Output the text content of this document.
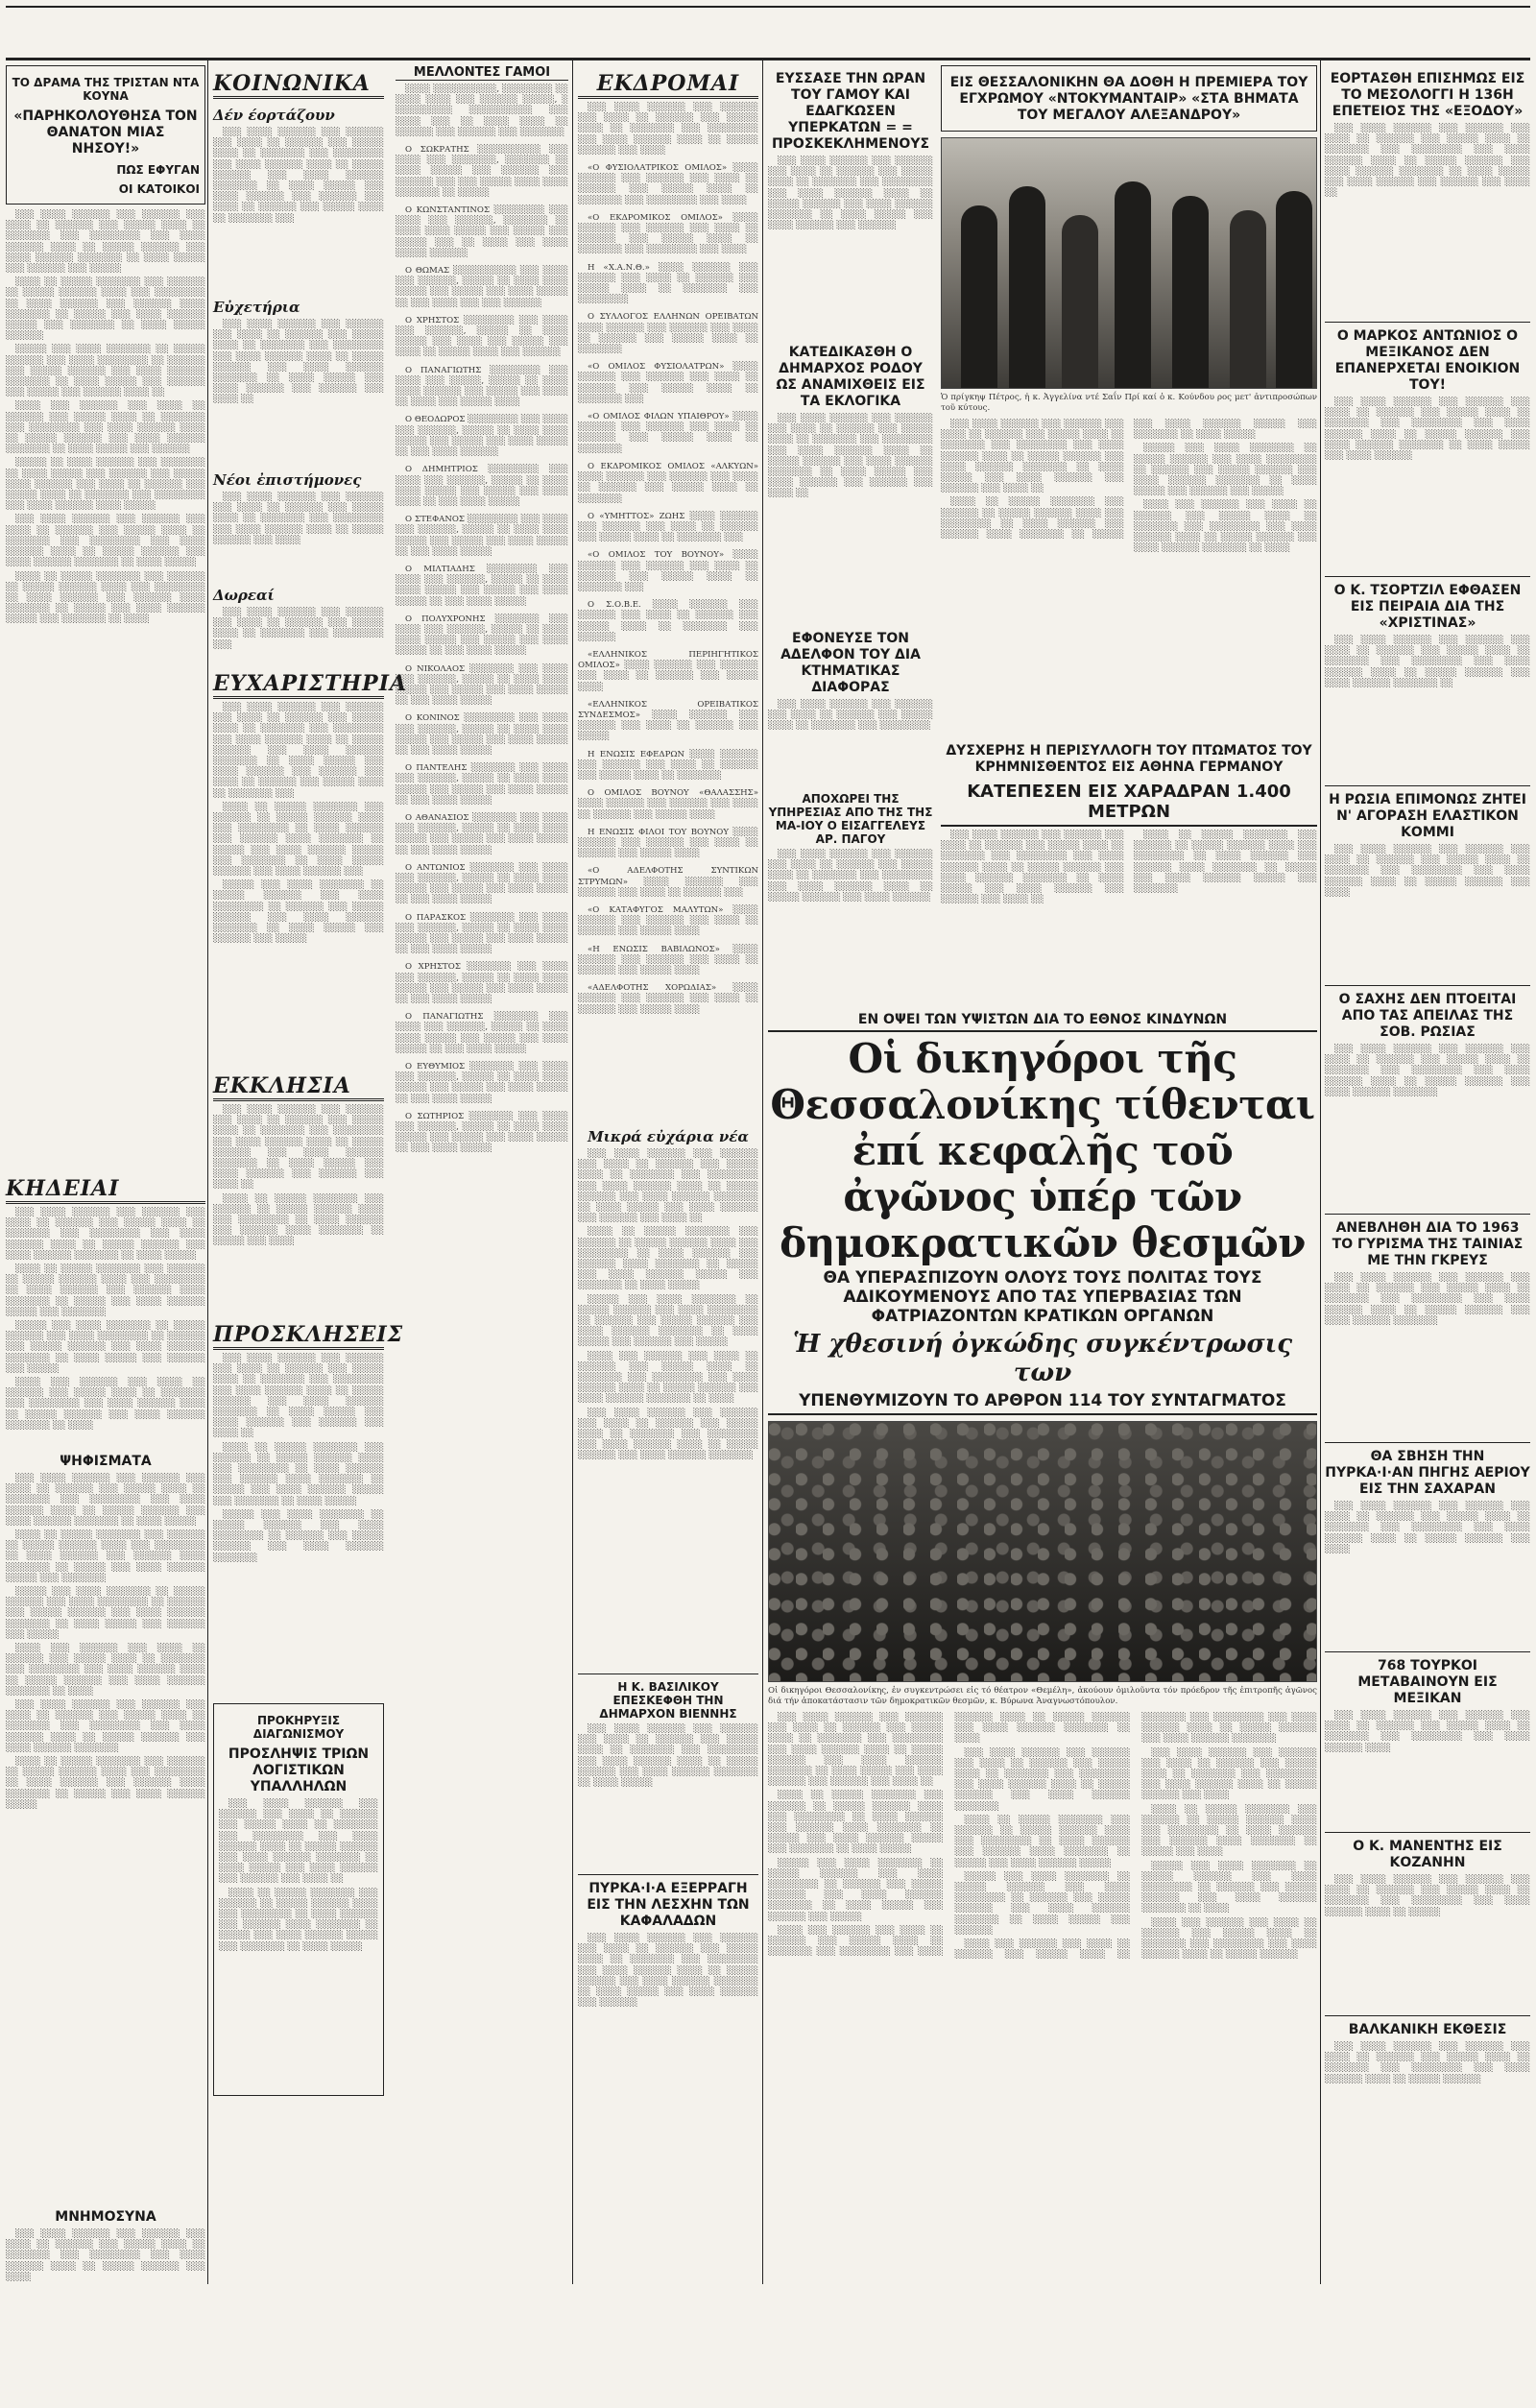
ΤΟ ΔΡΑΜΑ ΤΗΣ ΤΡΙΣΤΑΝ ΝΤΑ ΚΟΥΝΑ
«ΠΑΡΗΚΟΛΟΥΘΗΣΑ ΤΟΝ ΘΑΝΑΤΟΝ ΜΙΑΣ ΝΗΣΟΥ!»
ΠΩΣ ΕΦΥΓΑΝ
ΟΙ ΚΑΤΟΙΚΟΙ

░░░ ░░░░ ░░░░░░ ░░░ ░░░░░░ ░░░ ░░░░ ░░ ░░░░░░ ░░░ ░░░░░ ░░░░ ░░ ░░░░░░░ ░░░ ░░░░░░░░ ░░░ ░░░░ ░░░░░░ ░░░░ ░░ ░░░░░ ░░░░░░ ░░░ ░░░░ ░░░░░░ ░░░░░░░ ░░ ░░░░ ░░░░░ ░░░ ░░░░░░ ░░░ ░░░░░

░░░░ ░░ ░░░░░ ░░░░░░░ ░░░ ░░░░░░ ░░ ░░░░░ ░░░░░░ ░░░░ ░░░ ░░░░░░░░ ░░ ░░░░ ░░░░░░ ░░░ ░░░░░░ ░░░░ ░░░░░░░ ░░ ░░░░░ ░░░ ░░░░ ░░░░░░ ░░░░░ ░░░ ░░░░░░░ ░░ ░░░░ ░░░░░ ░░░░░░

░░░░░ ░░░ ░░░░ ░░░░░░░ ░░ ░░░░░ ░░░░░░ ░░░ ░░░░ ░░░░░░░░ ░░ ░░░░░░ ░░░ ░░░░░ ░░░░░░ ░░░ ░░░░ ░░░░░░ ░░░░░░░ ░░ ░░░░ ░░░░░ ░░░ ░░░░░░ ░░░ ░░░░░ ░░░ ░░░░░░ ░░░░ ░░

░░░░ ░░░ ░░░░░░ ░░░ ░░░░ ░░ ░░░░░░ ░░░ ░░░░░ ░░░░ ░░ ░░░░░░░ ░░░ ░░░░░░░░ ░░░ ░░░░ ░░░░░░ ░░░░ ░░ ░░░░░ ░░░░░░ ░░░ ░░░░ ░░░░░░ ░░░░░░░ ░░ ░░░░ ░░░░░ ░░░ ░░░░░░

░░░░░ ░░ ░░░░ ░░░░░░ ░░░ ░░░░░░░ ░░ ░░░░ ░░░░░ ░░░ ░░░░░░ ░░░ ░░░░░ ░░░░ ░░░░░░ ░░░ ░░░░ ░░ ░░░░░░ ░░░ ░░░░░ ░░░░ ░░ ░░░░░░░ ░░░ ░░░░░░░░ ░░░ ░░░░ ░░░░░░ ░░░░ ░░░░░

░░░ ░░░░ ░░░░░░ ░░░ ░░░░░░ ░░░ ░░░░ ░░ ░░░░░░ ░░░ ░░░░░ ░░░░ ░░ ░░░░░░░ ░░░ ░░░░░░░░ ░░░ ░░░░ ░░░░░░ ░░░░ ░░ ░░░░░ ░░░░░░ ░░░ ░░░░ ░░░░░░ ░░░░░░░ ░░ ░░░░ ░░░░░

░░░░ ░░ ░░░░░ ░░░░░░░ ░░░ ░░░░░░ ░░ ░░░░░ ░░░░░░ ░░░░ ░░░ ░░░░░░░░ ░░ ░░░░ ░░░░░░ ░░░ ░░░░░░ ░░░░ ░░░░░░░ ░░ ░░░░░ ░░░ ░░░░ ░░░░░░ ░░░░░ ░░░ ░░░░░░░ ░░ ░░░░

ΚΗΔΕΙΑΙ

░░░ ░░░░ ░░░░░░ ░░░ ░░░░░░ ░░░ ░░░░ ░░ ░░░░░░ ░░░ ░░░░░ ░░░░ ░░ ░░░░░░░ ░░░ ░░░░░░░░ ░░░ ░░░░ ░░░░░░ ░░░░ ░░ ░░░░░ ░░░░░░ ░░░ ░░░░ ░░░░░░ ░░░░░░░ ░░ ░░░░ ░░░░░

░░░░ ░░ ░░░░░ ░░░░░░░ ░░░ ░░░░░░ ░░ ░░░░░ ░░░░░░ ░░░░ ░░░ ░░░░░░░░ ░░ ░░░░ ░░░░░░ ░░░ ░░░░░░ ░░░░ ░░░░░░░ ░░ ░░░░░ ░░░ ░░░░ ░░░░░░ ░░░░░ ░░░ ░░░░░░░

░░░░░ ░░░ ░░░░ ░░░░░░░ ░░ ░░░░░ ░░░░░░ ░░░ ░░░░ ░░░░░░░░ ░░ ░░░░░░ ░░░ ░░░░░ ░░░░░░ ░░░ ░░░░ ░░░░░░ ░░░░░░░ ░░ ░░░░ ░░░░░ ░░░ ░░░░░░ ░░░ ░░░░░

░░░░ ░░░ ░░░░░░ ░░░ ░░░░ ░░ ░░░░░░ ░░░ ░░░░░ ░░░░ ░░ ░░░░░░░ ░░░ ░░░░░░░░ ░░░ ░░░░ ░░░░░░ ░░░░ ░░ ░░░░░ ░░░░░░ ░░░ ░░░░ ░░░░░░ ░░░░░░░ ░░ ░░░░

ΨΗΦΙΣΜΑΤΑ

░░░ ░░░░ ░░░░░░ ░░░ ░░░░░░ ░░░ ░░░░ ░░ ░░░░░░ ░░░ ░░░░░ ░░░░ ░░ ░░░░░░░ ░░░ ░░░░░░░░ ░░░ ░░░░ ░░░░░░ ░░░░ ░░ ░░░░░ ░░░░░░ ░░░ ░░░░ ░░░░░░ ░░░░░░░ ░░ ░░░░ ░░░░░

░░░░ ░░ ░░░░░ ░░░░░░░ ░░░ ░░░░░░ ░░ ░░░░░ ░░░░░░ ░░░░ ░░░ ░░░░░░░░ ░░ ░░░░ ░░░░░░ ░░░ ░░░░░░ ░░░░ ░░░░░░░ ░░ ░░░░░ ░░░ ░░░░ ░░░░░░ ░░░░░ ░░░ ░░░░░░░

░░░░░ ░░░ ░░░░ ░░░░░░░ ░░ ░░░░░ ░░░░░░ ░░░ ░░░░ ░░░░░░░░ ░░ ░░░░░░ ░░░ ░░░░░ ░░░░░░ ░░░ ░░░░ ░░░░░░ ░░░░░░░ ░░ ░░░░ ░░░░░ ░░░ ░░░░░░ ░░░ ░░░░░

░░░░ ░░░ ░░░░░░ ░░░ ░░░░ ░░ ░░░░░░ ░░░ ░░░░░ ░░░░ ░░ ░░░░░░░ ░░░ ░░░░░░░░ ░░░ ░░░░ ░░░░░░ ░░░░ ░░ ░░░░░ ░░░░░░ ░░░ ░░░░ ░░░░░░ ░░░░░░░ ░░ ░░░░

░░░ ░░░░ ░░░░░░ ░░░ ░░░░░░ ░░░ ░░░░ ░░ ░░░░░░ ░░░ ░░░░░ ░░░░ ░░ ░░░░░░░ ░░░ ░░░░░░░░ ░░░ ░░░░ ░░░░░░ ░░░░ ░░ ░░░░░ ░░░░░░ ░░░ ░░░░ ░░░░░░ ░░░░░░░

░░░░ ░░ ░░░░░ ░░░░░░░ ░░░ ░░░░░░ ░░ ░░░░░ ░░░░░░ ░░░░ ░░░ ░░░░░░░░ ░░ ░░░░ ░░░░░░ ░░░ ░░░░░░ ░░░░ ░░░░░░░ ░░ ░░░░░ ░░░ ░░░░ ░░░░░░ ░░░░░

ΜΝΗΜΟΣΥΝΑ

░░░ ░░░░ ░░░░░░ ░░░ ░░░░░░ ░░░ ░░░░ ░░ ░░░░░░ ░░░ ░░░░░ ░░░░ ░░ ░░░░░░░ ░░░ ░░░░░░░░ ░░░ ░░░░ ░░░░░░ ░░░░ ░░ ░░░░░ ░░░░░░ ░░░ ░░░░

ΚΟΙΝΩΝΙΚΑ
Δέν έορτάζουν

░░░ ░░░░ ░░░░░░ ░░░ ░░░░░░ ░░░ ░░░░ ░░ ░░░░░░ ░░░ ░░░░░ ░░░░ ░░ ░░░░░░░ ░░░ ░░░░░░░░ ░░░ ░░░░ ░░░░░░ ░░░░ ░░ ░░░░░ ░░░░░░ ░░░ ░░░░ ░░░░░░ ░░░░░░░ ░░ ░░░░ ░░░░░ ░░░ ░░░░ ░░░░░░ ░░░ ░░░░░░ ░░░ ░░░░ ░░ ░░░░░░ ░░░ ░░░░░ ░░░░ ░░ ░░░░░░░ ░░░

Εὐχετήρια

░░░ ░░░░ ░░░░░░ ░░░ ░░░░░░ ░░░ ░░░░ ░░ ░░░░░░ ░░░ ░░░░░ ░░░░ ░░ ░░░░░░░ ░░░ ░░░░░░░░ ░░░ ░░░░ ░░░░░░ ░░░░ ░░ ░░░░░ ░░░░░░ ░░░ ░░░░ ░░░░░░ ░░░░░░░ ░░ ░░░░ ░░░░░ ░░░ ░░░░ ░░░░░░ ░░░ ░░░░░░ ░░░ ░░░░ ░░

Νέοι ἐπιστήμονες

░░░ ░░░░ ░░░░░░ ░░░ ░░░░░░ ░░░ ░░░░ ░░ ░░░░░░ ░░░ ░░░░░ ░░░░ ░░ ░░░░░░░ ░░░ ░░░░░░░░ ░░░ ░░░░ ░░░░░░ ░░░░ ░░ ░░░░░ ░░░░░░ ░░░ ░░░░

Δωρεαί

░░░ ░░░░ ░░░░░░ ░░░ ░░░░░░ ░░░ ░░░░ ░░ ░░░░░░ ░░░ ░░░░░ ░░░░ ░░ ░░░░░░░ ░░░ ░░░░░░░░ ░░░

ΕΥΧΑΡΙΣΤΗΡΙΑ

░░░ ░░░░ ░░░░░░ ░░░ ░░░░░░ ░░░ ░░░░ ░░ ░░░░░░ ░░░ ░░░░░ ░░░░ ░░ ░░░░░░░ ░░░ ░░░░░░░░ ░░░ ░░░░ ░░░░░░ ░░░░ ░░ ░░░░░ ░░░░░░ ░░░ ░░░░ ░░░░░░ ░░░░░░░ ░░ ░░░░ ░░░░░ ░░░ ░░░░ ░░░░░░ ░░░ ░░░░░░ ░░░ ░░░░ ░░ ░░░░░░ ░░░ ░░░░░ ░░░░ ░░ ░░░░░░░ ░░░

░░░░ ░░ ░░░░░ ░░░░░░░ ░░░ ░░░░░░ ░░ ░░░░░ ░░░░░░ ░░░░ ░░░ ░░░░░░░░ ░░ ░░░░ ░░░░░░ ░░░ ░░░░░░ ░░░░ ░░░░░░░ ░░ ░░░░░ ░░░ ░░░░ ░░░░░░ ░░░░░ ░░░ ░░░░░░░ ░░ ░░░░ ░░░░░ ░░░░░░ ░░░ ░░░░ ░░░░░░ ░░░

░░░░░ ░░░ ░░░░ ░░░░░░░ ░░ ░░░░░ ░░░░░░ ░░░ ░░░░ ░░░░░░░░ ░░ ░░░░░░ ░░░ ░░░░░ ░░░░░░ ░░░ ░░░░ ░░░░░░ ░░░░░░░ ░░ ░░░░ ░░░░░ ░░░ ░░░░░░ ░░░ ░░░░░

ΕΚΚΛΗΣΙΑ

░░░ ░░░░ ░░░░░░ ░░░ ░░░░░░ ░░░ ░░░░ ░░ ░░░░░░ ░░░ ░░░░░ ░░░░ ░░ ░░░░░░░ ░░░ ░░░░░░░░ ░░░ ░░░░ ░░░░░░ ░░░░ ░░ ░░░░░ ░░░░░░ ░░░ ░░░░ ░░░░░░ ░░░░░░░ ░░ ░░░░ ░░░░░ ░░░ ░░░░ ░░░░░░ ░░░ ░░░░░░ ░░░ ░░░░ ░░

░░░░ ░░ ░░░░░ ░░░░░░░ ░░░ ░░░░░░ ░░ ░░░░░ ░░░░░░ ░░░░ ░░░ ░░░░░░░░ ░░ ░░░░ ░░░░░░ ░░░ ░░░░░░ ░░░░ ░░░░░░░ ░░ ░░░░░ ░░░ ░░░░

ΠΡΟΣΚΛΗΣΕΙΣ

░░░ ░░░░ ░░░░░░ ░░░ ░░░░░░ ░░░ ░░░░ ░░ ░░░░░░ ░░░ ░░░░░ ░░░░ ░░ ░░░░░░░ ░░░ ░░░░░░░░ ░░░ ░░░░ ░░░░░░ ░░░░ ░░ ░░░░░ ░░░░░░ ░░░ ░░░░ ░░░░░░ ░░░░░░░ ░░ ░░░░ ░░░░░ ░░░ ░░░░ ░░░░░░ ░░░ ░░░░░░ ░░░ ░░░░ ░░

░░░░ ░░ ░░░░░ ░░░░░░░ ░░░ ░░░░░░ ░░ ░░░░░ ░░░░░░ ░░░░ ░░░ ░░░░░░░░ ░░ ░░░░ ░░░░░░ ░░░ ░░░░░░ ░░░░ ░░░░░░░ ░░ ░░░░░ ░░░ ░░░░ ░░░░░░ ░░░░░ ░░░ ░░░░░░░ ░░ ░░░░ ░░░░░

░░░░░ ░░░ ░░░░ ░░░░░░░ ░░ ░░░░░ ░░░░░░ ░░░ ░░░░ ░░░░░░░░ ░░ ░░░░░░ ░░░ ░░░░░ ░░░░░░ ░░░ ░░░░ ░░░░░░ ░░░░░░░

ΠΡΟΚΗΡΥΞΙΣ ΔΙΑΓΩΝΙΣΜΟΥ
ΠΡΟΣΛΗΨΙΣ ΤΡΙΩΝ ΛΟΓΙΣΤΙΚΩΝ ΥΠΑΛΛΗΛΩΝ

░░░ ░░░░ ░░░░░░ ░░░ ░░░░░░ ░░░ ░░░░ ░░ ░░░░░░ ░░░ ░░░░░ ░░░░ ░░ ░░░░░░░ ░░░ ░░░░░░░░ ░░░ ░░░░ ░░░░░░ ░░░░ ░░ ░░░░░ ░░░░░░ ░░░ ░░░░ ░░░░░░ ░░░░░░░ ░░ ░░░░ ░░░░░ ░░░ ░░░░ ░░░░░░ ░░░ ░░░░░░ ░░░ ░░░░ ░░

░░░░ ░░ ░░░░░ ░░░░░░░ ░░░ ░░░░░░ ░░ ░░░░░ ░░░░░░ ░░░░ ░░░ ░░░░░░░░ ░░ ░░░░ ░░░░░░ ░░░ ░░░░░░ ░░░░ ░░░░░░░ ░░ ░░░░░ ░░░ ░░░░ ░░░░░░ ░░░░░ ░░░ ░░░░░░░ ░░ ░░░░ ░░░░░

ΜΕΛΛΟΝΤΕΣ ΓΑΜΟΙ
░░░░ ░░░░░░░░░░, ░░░░░░░░ ░░ ░░░░ ░░░░ ░░░ ░░░░░░ ░░░░░, ░ ░░░░░░░░░ ░░░░░░░░░░ ░░░ ░░░░ ░░░ ░░ ░░░░ ░░░░ ░░ ░░░░░░ ░░░ ░░░░░░ ░░░ ░░░░░░░
Ο ΣΩΚΡΑΤΗΣ ░░░░░░░░░░ ░░░ ░░░░ ░░░ ░░░░░░░, ░░░░░░░ ░░ ░░░░ ░░░░░ ░░░ ░░░░░░ ░░░ ░░░░░░ ░░░ ░░░ ░░░░░ ░░░░ ░░░░ ░░░░░░░ ░░ ░░░░░
Ο ΚΩΝΣΤΑΝΤΙΝΟΣ ░░░░░░░░ ░░░ ░░░░ ░░░ ░░░░░░, ░░░░░░░ ░░ ░░░░ ░░░░ ░░░░░ ░░░ ░░░░░ ░░░ ░░░░░ ░░░ ░░ ░░░░ ░░░ ░░░░ ░░░░░ ░░░░░░
Ο ΘΩΜΑΣ ░░░░░░░░░░ ░░░ ░░░░ ░░░ ░░░░░░, ░░░░░ ░░ ░░░░ ░░░░ ░░░░░ ░░░ ░░░░░ ░░░ ░░░░ ░░░░░ ░░ ░░░ ░░░░ ░░░ ░░░ ░░░░░░
Ο ΧΡΗΣΤΟΣ ░░░░░░░░ ░░░ ░░░░ ░░░ ░░░░░░, ░░░░░ ░░ ░░░░ ░░░░░ ░░░ ░░░░ ░░░ ░░░░░ ░░░ ░░░░ ░░ ░░░░░ ░░░░ ░░░ ░░░░░░
Ο ΠΑΝΑΓΙΩΤΗΣ ░░░░░░░░ ░░░ ░░░░ ░░░ ░░░░░, ░░░░░ ░░ ░░░░ ░░░░ ░░░░░░ ░░░ ░░░░░ ░░░ ░░░░ ░░ ░░░░ ░░░ ░░░░░ ░░░░
Ο ΘΕΟΔΩΡΟΣ ░░░░░░░░ ░░░ ░░░░ ░░░ ░░░░░░, ░░░░░ ░░ ░░░░ ░░░░ ░░░░░ ░░░ ░░░░░ ░░░ ░░░░ ░░░░░ ░░ ░░░ ░░░░ ░░░░░░
Ο ΔΗΜΗΤΡΙΟΣ ░░░░░░░░ ░░░ ░░░░ ░░░ ░░░░░░, ░░░░░ ░░ ░░░░ ░░░░ ░░░░░ ░░░ ░░░░░ ░░░ ░░░░ ░░░░ ░░ ░░░ ░░░░ ░░░░░
Ο ΣΤΕΦΑΝΟΣ ░░░░░░░░ ░░░ ░░░░ ░░░ ░░░░░░, ░░░░░ ░░ ░░░░ ░░░░ ░░░░░ ░░░ ░░░░░ ░░░ ░░░░ ░░░░░ ░░ ░░░ ░░░░ ░░░░░
Ο ΜΙΛΤΙΑΔΗΣ ░░░░░░░░ ░░░ ░░░░ ░░░ ░░░░░░, ░░░░░ ░░ ░░░░ ░░░░ ░░░░░ ░░░ ░░░░░ ░░░ ░░░░ ░░░░░ ░░ ░░░ ░░░░ ░░░░░
Ο ΠΟΛΥΧΡΟΝΗΣ ░░░░░░░ ░░░ ░░░░ ░░░ ░░░░░░, ░░░░░ ░░ ░░░░ ░░░░ ░░░░░ ░░░ ░░░░░ ░░░ ░░░░ ░░░░░ ░░ ░░░ ░░░░ ░░░░░
Ο ΝΙΚΟΛΑΟΣ ░░░░░░░ ░░░ ░░░░ ░░░ ░░░░░░, ░░░░░ ░░ ░░░░ ░░░░ ░░░░░ ░░░ ░░░░░ ░░░ ░░░░ ░░░░░ ░░ ░░░ ░░░░ ░░░░░
Ο ΚΟΝΙΝΟΣ ░░░░░░░░ ░░░ ░░░░ ░░░ ░░░░░░, ░░░░░ ░░ ░░░░ ░░░░ ░░░░░ ░░░ ░░░░░ ░░░ ░░░░ ░░░░░ ░░ ░░░ ░░░░ ░░░░░
Ο ΠΑΝΤΕΛΗΣ ░░░░░░░ ░░░ ░░░░ ░░░ ░░░░░░, ░░░░░ ░░ ░░░░ ░░░░ ░░░░░ ░░░ ░░░░░ ░░░ ░░░░ ░░░░░ ░░ ░░░ ░░░░ ░░░░░
Ο ΑΘΑΝΑΣΙΟΣ ░░░░░░░ ░░░ ░░░░ ░░░ ░░░░░░, ░░░░░ ░░ ░░░░ ░░░░ ░░░░░ ░░░ ░░░░░ ░░░ ░░░░ ░░░░░ ░░ ░░░ ░░░░ ░░░░░
Ο ΑΝΤΩΝΙΟΣ ░░░░░░░ ░░░ ░░░░ ░░░ ░░░░░░, ░░░░░ ░░ ░░░░ ░░░░ ░░░░░ ░░░ ░░░░░ ░░░ ░░░░ ░░░░░ ░░ ░░░ ░░░░ ░░░░░
Ο ΠΑΡΑΣΚΟΣ ░░░░░░░ ░░░ ░░░░ ░░░ ░░░░░░, ░░░░░ ░░ ░░░░ ░░░░ ░░░░░ ░░░ ░░░░░ ░░░ ░░░░ ░░░░░ ░░ ░░░ ░░░░ ░░░░░
Ο ΧΡΗΣΤΟΣ ░░░░░░░ ░░░ ░░░░ ░░░ ░░░░░░, ░░░░░ ░░ ░░░░ ░░░░ ░░░░░ ░░░ ░░░░░ ░░░ ░░░░ ░░░░░ ░░ ░░░ ░░░░ ░░░░░
Ο ΠΑΝΑΓΙΩΤΗΣ ░░░░░░░ ░░░ ░░░░ ░░░ ░░░░░░, ░░░░░ ░░ ░░░░ ░░░░ ░░░░░ ░░░ ░░░░░ ░░░ ░░░░ ░░░░░ ░░ ░░░ ░░░░ ░░░░░
Ο ΕΥΘΥΜΙΟΣ ░░░░░░░ ░░░ ░░░░ ░░░ ░░░░░░, ░░░░░ ░░ ░░░░ ░░░░ ░░░░░ ░░░ ░░░░░ ░░░ ░░░░ ░░░░░ ░░ ░░░ ░░░░ ░░░░░
Ο ΣΩΤΗΡΙΟΣ ░░░░░░░ ░░░ ░░░░ ░░░ ░░░░░░, ░░░░░ ░░ ░░░░ ░░░░ ░░░░░ ░░░ ░░░░░ ░░░ ░░░░ ░░░░░ ░░ ░░░ ░░░░ ░░░░░
ΕΚΔΡΟΜΑΙ
░░░ ░░░░ ░░░░░░ ░░░ ░░░░░░ ░░░ ░░░░ ░░ ░░░░░░ ░░░ ░░░░░ ░░░░ ░░ ░░░░░░░ ░░░ ░░░░░░░░ ░░░ ░░░░ ░░░░░░ ░░░░ ░░ ░░░░░ ░░░░░░ ░░░ ░░░░
«Ο ΦΥΣΙΟΛΑΤΡΙΚΟΣ ΟΜΙΛΟΣ» ░░░░ ░░░░░░ ░░░ ░░░░░░ ░░░ ░░░░ ░░ ░░░░░░ ░░░ ░░░░░ ░░░░ ░░ ░░░░░░░ ░░░ ░░░░░░░░ ░░░ ░░░░
«Ο ΕΚΔΡΟΜΙΚΟΣ ΟΜΙΛΟΣ» ░░░░ ░░░░░░ ░░░ ░░░░░░ ░░░ ░░░░ ░░ ░░░░░░ ░░░ ░░░░░ ░░░░ ░░ ░░░░░░░ ░░░ ░░░░░░░░ ░░░ ░░░░
Η «Χ.Α.Ν.Θ.» ░░░░ ░░░░░░ ░░░ ░░░░░░ ░░░ ░░░░ ░░ ░░░░░░ ░░░ ░░░░░ ░░░░ ░░ ░░░░░░░ ░░░ ░░░░░░░░
Ο ΣΥΛΛΟΓΟΣ ΕΛΛΗΝΩΝ ΟΡΕΙΒΑΤΩΝ ░░░░ ░░░░░░ ░░░ ░░░░░░ ░░░ ░░░░ ░░ ░░░░░░ ░░░ ░░░░░ ░░░░ ░░ ░░░░░░░
«Ο ΟΜΙΛΟΣ ΦΥΣΙΟΛΑΤΡΩΝ» ░░░░ ░░░░░░ ░░░ ░░░░░░ ░░░ ░░░░ ░░ ░░░░░░ ░░░ ░░░░░ ░░░░ ░░ ░░░░░░░ ░░░
«Ο ΟΜΙΛΟΣ ΦΙΛΩΝ ΥΠΑΙΘΡΟΥ» ░░░░ ░░░░░░ ░░░ ░░░░░░ ░░░ ░░░░ ░░ ░░░░░░ ░░░ ░░░░░ ░░░░ ░░ ░░░░░░░
Ο ΕΚΔΡΟΜΙΚΟΣ ΟΜΙΛΟΣ «ΑΛΚΥΩΝ» ░░░░ ░░░░░░ ░░░ ░░░░░░ ░░░ ░░░░ ░░ ░░░░░░ ░░░ ░░░░░ ░░░░ ░░ ░░░░░░░
Ο «ΥΜΗΤΤΟΣ» ΖΩΗΣ ░░░░ ░░░░░░ ░░░ ░░░░░░ ░░░ ░░░░ ░░ ░░░░░░ ░░░ ░░░░░ ░░░░ ░░ ░░░░░░░ ░░░
«Ο ΟΜΙΛΟΣ ΤΟΥ ΒΟΥΝΟΥ» ░░░░ ░░░░░░ ░░░ ░░░░░░ ░░░ ░░░░ ░░ ░░░░░░ ░░░ ░░░░░ ░░░░ ░░ ░░░░░░░ ░░░
Ο Σ.Ο.Β.Ε. ░░░░ ░░░░░░ ░░░ ░░░░░░ ░░░ ░░░░ ░░ ░░░░░░ ░░░ ░░░░░ ░░░░ ░░ ░░░░░░░ ░░░ ░░░░░░
«ΕΛΛΗΝΙΚΟΣ ΠΕΡΙΗΓΗΤΙΚΟΣ ΟΜΙΛΟΣ» ░░░░ ░░░░░░ ░░░ ░░░░░░ ░░░ ░░░░ ░░ ░░░░░░ ░░░ ░░░░░ ░░░░
«ΕΛΛΗΝΙΚΟΣ ΟΡΕΙΒΑΤΙΚΟΣ ΣΥΝΔΕΣΜΟΣ» ░░░░ ░░░░░░ ░░░ ░░░░░░ ░░░ ░░░░ ░░ ░░░░░░ ░░░ ░░░░░
Η ΕΝΩΣΙΣ ΕΦΕΔΡΩΝ ░░░░ ░░░░░░ ░░░ ░░░░░░ ░░░ ░░░░ ░░ ░░░░░░ ░░░ ░░░░░ ░░░░ ░░ ░░░░░░░
Ο ΟΜΙΛΟΣ ΒΟΥΝΟΥ «ΘΑΛΑΣΣΗΣ» ░░░░ ░░░░░░ ░░░ ░░░░░░ ░░░ ░░░░ ░░ ░░░░░░ ░░░ ░░░░░ ░░░░
Η ΕΝΩΣΙΣ ΦΙΛΟΙ ΤΟΥ ΒΟΥΝΟΥ ░░░░ ░░░░░░ ░░░ ░░░░░░ ░░░ ░░░░ ░░ ░░░░░░ ░░░ ░░░░░ ░░░░
«Ο ΑΔΕΛΦΟΤΗΣ ΣΥΝΤΙΚΩΝ ΣΤΡΥΜΩΝ» ░░░░ ░░░░░░ ░░░ ░░░░░░ ░░░ ░░░░ ░░ ░░░░░░ ░░░
«Ο ΚΑΤΑΦΥΓΟΣ ΜΑΛΥΤΩΝ» ░░░░ ░░░░░░ ░░░ ░░░░░░ ░░░ ░░░░ ░░ ░░░░░░ ░░░ ░░░░░ ░░░░
«Η ΕΝΩΣΙΣ ΒΑΒΙΛΩΝΟΣ» ░░░░ ░░░░░░ ░░░ ░░░░░░ ░░░ ░░░░ ░░ ░░░░░░ ░░░ ░░░░░ ░░░░
«ΑΔΕΛΦΟΤΗΣ ΧΟΡΩΔΙΑΣ» ░░░░ ░░░░░░ ░░░ ░░░░░░ ░░░ ░░░░ ░░ ░░░░░░ ░░░ ░░░░░ ░░░░
Μικρά εὐχάρια νέα

░░░ ░░░░ ░░░░░░ ░░░ ░░░░░░ ░░░ ░░░░ ░░ ░░░░░░ ░░░ ░░░░░ ░░░░ ░░ ░░░░░░░ ░░░ ░░░░░░░░ ░░░ ░░░░ ░░░░░░ ░░░░ ░░ ░░░░░ ░░░░░░ ░░░ ░░░░ ░░░░░░ ░░░░░░░ ░░ ░░░░ ░░░░░ ░░░ ░░░░ ░░░░░░ ░░░ ░░░░░░ ░░░ ░░░░ ░░

░░░░ ░░ ░░░░░ ░░░░░░░ ░░░ ░░░░░░ ░░ ░░░░░ ░░░░░░ ░░░░ ░░░ ░░░░░░░░ ░░ ░░░░ ░░░░░░ ░░░ ░░░░░░ ░░░░ ░░░░░░░ ░░ ░░░░░ ░░░ ░░░░ ░░░░░░ ░░░░░ ░░░ ░░░░░░░ ░░ ░░░░ ░░░░░

░░░░░ ░░░ ░░░░ ░░░░░░░ ░░ ░░░░░ ░░░░░░ ░░░ ░░░░ ░░░░░░░░ ░░ ░░░░░░ ░░░ ░░░░░ ░░░░░░ ░░░ ░░░░ ░░░░░░ ░░░░░░░ ░░ ░░░░ ░░░░░ ░░░ ░░░░░░ ░░░ ░░░░░

░░░░ ░░░ ░░░░░░ ░░░ ░░░░ ░░ ░░░░░░ ░░░ ░░░░░ ░░░░ ░░ ░░░░░░░ ░░░ ░░░░░░░░ ░░░ ░░░░ ░░░░░░ ░░░░ ░░ ░░░░░ ░░░░░░ ░░░ ░░░░ ░░░░░░ ░░░░░░░ ░░ ░░░░

░░░ ░░░░ ░░░░░░ ░░░ ░░░░░░ ░░░ ░░░░ ░░ ░░░░░░ ░░░ ░░░░░ ░░░░ ░░ ░░░░░░░ ░░░ ░░░░░░░░ ░░░ ░░░░ ░░░░░░ ░░░░ ░░ ░░░░░ ░░░░░░ ░░░ ░░░░ ░░░░░░ ░░░░░░░

Η Κ. ΒΑΣΙΛΙΚΟΥ ΕΠΕΣΚΕΦΘΗ ΤΗΝ ΔΗΜΑΡΧΟΝ ΒΙΕΝΝΗΣ

░░░ ░░░░ ░░░░░░ ░░░ ░░░░░░ ░░░ ░░░░ ░░ ░░░░░░ ░░░ ░░░░░ ░░░░ ░░ ░░░░░░░ ░░░ ░░░░░░░░ ░░░ ░░░░ ░░░░░░ ░░░░ ░░ ░░░░░ ░░░░░░ ░░░ ░░░░ ░░░░░░ ░░░░░░░ ░░ ░░░░ ░░░░░

ΠΥΡΚΑ·Ι·Α ΕΞΕΡΡΑΓΗ ΕΙΣ ΤΗΝ ΛΕΣΧΗΝ ΤΩΝ ΚΑΦΑΛΑΔΩΝ

░░░ ░░░░ ░░░░░░ ░░░ ░░░░░░ ░░░ ░░░░ ░░ ░░░░░░ ░░░ ░░░░░ ░░░░ ░░ ░░░░░░░ ░░░ ░░░░░░░░ ░░░ ░░░░ ░░░░░░ ░░░░ ░░ ░░░░░ ░░░░░░ ░░░ ░░░░ ░░░░░░ ░░░░░░░ ░░ ░░░░ ░░░░░ ░░░ ░░░░ ░░░░░░ ░░░ ░░░░░░

ΕΥΣΣΑΣΕ ΤΗΝ ΩΡΑΝ ΤΟΥ ΓΑΜΟΥ ΚΑΙ ΕΔΑΓΚΩΣΕΝ ΥΠΕΡΚΑΤΩΝ = = ΠΡΟΣΚΕΚΛΗΜΕΝΟΥΣ

░░░ ░░░░ ░░░░░░ ░░░ ░░░░░░ ░░░ ░░░░ ░░ ░░░░░░ ░░░ ░░░░░ ░░░░ ░░ ░░░░░░░ ░░░ ░░░░░░░░ ░░░ ░░░░ ░░░░░░ ░░░░ ░░ ░░░░░ ░░░░░░ ░░░ ░░░░ ░░░░░░ ░░░░░░░ ░░ ░░░░ ░░░░░ ░░░ ░░░░ ░░░░░░ ░░░ ░░░░░░

ΚΑΤΕΔΙΚΑΣΘΗ Ο ΔΗΜΑΡΧΟΣ ΡΟΔΟΥ ΩΣ ΑΝΑΜΙΧΘΕΙΣ ΕΙΣ ΤΑ ΕΚΛΟΓΙΚΑ

░░░ ░░░░ ░░░░░░ ░░░ ░░░░░░ ░░░ ░░░░ ░░ ░░░░░░ ░░░ ░░░░░ ░░░░ ░░ ░░░░░░░ ░░░ ░░░░░░░░ ░░░ ░░░░ ░░░░░░ ░░░░ ░░ ░░░░░ ░░░░░░ ░░░ ░░░░ ░░░░░░ ░░░░░░░ ░░ ░░░░ ░░░░░ ░░░ ░░░░ ░░░░░░ ░░░ ░░░░░░ ░░░ ░░░░ ░░

ΕΦΟΝΕΥΣΕ ΤΟΝ ΑΔΕΛΦΟΝ ΤΟΥ ΔΙΑ ΚΤΗΜΑΤΙΚΑΣ ΔΙΑΦΟΡΑΣ

░░░ ░░░░ ░░░░░░ ░░░ ░░░░░░ ░░░ ░░░░ ░░ ░░░░░░ ░░░ ░░░░░ ░░░░ ░░ ░░░░░░░ ░░░ ░░░░░░░░

ΑΠΟΧΩΡΕΙ ΤΗΣ ΥΠΗΡΕΣΙΑΣ ΑΠΟ ΤΗΣ ΤΗΣ ΜΑ-ΙΟΥ Ο ΕΙΣΑΓΓΕΛΕΥΣ ΑΡ. ΠΑΓΟΥ

░░░ ░░░░ ░░░░░░ ░░░ ░░░░░░ ░░░ ░░░░ ░░ ░░░░░░ ░░░ ░░░░░ ░░░░ ░░ ░░░░░░░ ░░░ ░░░░░░░░ ░░░ ░░░░ ░░░░░░ ░░░░ ░░ ░░░░░ ░░░░░░ ░░░ ░░░░ ░░░░░░

ΕΙΣ ΘΕΣΣΑΛΟΝΙΚΗΝ ΘΑ ΔΟΘΗ Η ΠΡΕΜΙΕΡΑ ΤΟΥ ΕΓΧΡΩΜΟΥ «ΝΤΟΚΥΜΑΝΤΑΙΡ» «ΣΤΑ ΒΗΜΑΤΑ ΤΟΥ ΜΕΓΑΛΟΥ ΑΛΕΞΑΝΔΡΟΥ»
Ὁ πρίγκηψ Πέτρος, ἡ κ. Ἀγγελίνα ντέ Σαΐν Πρί καί ὁ κ. Κούνδου ρος μετ' ἀντιπροσώπων τοῦ κύτους.

░░░ ░░░░ ░░░░░░ ░░░ ░░░░░░ ░░░ ░░░░ ░░ ░░░░░░ ░░░ ░░░░░ ░░░░ ░░ ░░░░░░░ ░░░ ░░░░░░░░ ░░░ ░░░░ ░░░░░░ ░░░░ ░░ ░░░░░ ░░░░░░ ░░░ ░░░░ ░░░░░░ ░░░░░░░ ░░ ░░░░ ░░░░░ ░░░ ░░░░ ░░░░░░ ░░░ ░░░░░░ ░░░ ░░░░ ░░

░░░░ ░░ ░░░░░ ░░░░░░░ ░░░ ░░░░░░ ░░ ░░░░░ ░░░░░░ ░░░░ ░░░ ░░░░░░░░ ░░ ░░░░ ░░░░░░ ░░░ ░░░░░░ ░░░░ ░░░░░░░ ░░ ░░░░░ ░░░ ░░░░ ░░░░░░ ░░░░░ ░░░ ░░░░░░░ ░░ ░░░░ ░░░░░

░░░░░ ░░░ ░░░░ ░░░░░░░ ░░ ░░░░░ ░░░░░░ ░░░ ░░░░ ░░░░░░░░ ░░ ░░░░░░ ░░░ ░░░░░ ░░░░░░ ░░░ ░░░░ ░░░░░░ ░░░░░░░ ░░ ░░░░ ░░░░░ ░░░ ░░░░░░ ░░░ ░░░░░

░░░░ ░░░ ░░░░░░ ░░░ ░░░░ ░░ ░░░░░░ ░░░ ░░░░░ ░░░░ ░░ ░░░░░░░ ░░░ ░░░░░░░░ ░░░ ░░░░ ░░░░░░ ░░░░ ░░ ░░░░░ ░░░░░░ ░░░ ░░░░ ░░░░░░ ░░░░░░░ ░░ ░░░░

ΔΥΣΧΕΡΗΣ Η ΠΕΡΙΣΥΛΛΟΓΗ ΤΟΥ ΠΤΩΜΑΤΟΣ ΤΟΥ ΚΡΗΜΝΙΣΘΕΝΤΟΣ ΕΙΣ ΑΘΗΝΑ ΓΕΡΜΑΝΟΥ
ΚΑΤΕΠΕΣΕΝ ΕΙΣ ΧΑΡΑΔΡΑΝ 1.400 ΜΕΤΡΩΝ

░░░ ░░░░ ░░░░░░ ░░░ ░░░░░░ ░░░ ░░░░ ░░ ░░░░░░ ░░░ ░░░░░ ░░░░ ░░ ░░░░░░░ ░░░ ░░░░░░░░ ░░░ ░░░░ ░░░░░░ ░░░░ ░░ ░░░░░ ░░░░░░ ░░░ ░░░░ ░░░░░░ ░░░░░░░ ░░ ░░░░ ░░░░░ ░░░ ░░░░ ░░░░░░ ░░░ ░░░░░░ ░░░ ░░░░ ░░

░░░░ ░░ ░░░░░ ░░░░░░░ ░░░ ░░░░░░ ░░ ░░░░░ ░░░░░░ ░░░░ ░░░ ░░░░░░░░ ░░ ░░░░ ░░░░░░ ░░░ ░░░░░░ ░░░░ ░░░░░░░ ░░ ░░░░░ ░░░ ░░░░ ░░░░░░ ░░░░░ ░░░ ░░░░░░░

ΕΝ ΟΨΕΙ ΤΩΝ ΥΨΙΣΤΩΝ ΔΙΑ ΤΟ ΕΘΝΟΣ ΚΙΝΔΥΝΩΝ
Οἱ δικηγόροι τῆς Θεσσαλονίκης τίθενται ἐπί κεφαλῆς τοῦ ἀγῶνος ὑπέρ τῶν δημοκρατικῶν θεσμῶν
ΘΑ ΥΠΕΡΑΣΠΙΖΟΥΝ ΟΛΟΥΣ ΤΟΥΣ ΠΟΛΙΤΑΣ ΤΟΥΣ ΑΔΙΚΟΥΜΕΝΟΥΣ ΑΠΟ ΤΑΣ ΥΠΕΡΒΑΣΙΑΣ ΤΩΝ ΦΑΤΡΙΑΖΟΝΤΩΝ ΚΡΑΤΙΚΩΝ ΟΡΓΑΝΩΝ
Ἡ χθεσινή ὀγκώδης συγκέντρωσις των
ΥΠΕΝΘΥΜΙΖΟΥΝ ΤΟ ΑΡΘΡΟΝ 114 ΤΟΥ ΣΥΝΤΑΓΜΑΤΟΣ
Οἱ δικηγόροι Θεσσαλονίκης, ἐν συγκεντρώσει εἰς τό θέατρον «Θεμέλη», ἀκούουν ὁμιλοῦντα τόν πρόεδρον τῆς ἐπιτροπῆς ἀγῶνος διά τήν ἀποκατάστασιν τῶν δημοκρατικῶν θεσμῶν, κ. Βύρωνα Ἀναγνωστόπουλον.

░░░ ░░░░ ░░░░░░ ░░░ ░░░░░░ ░░░ ░░░░ ░░ ░░░░░░ ░░░ ░░░░░ ░░░░ ░░ ░░░░░░░ ░░░ ░░░░░░░░ ░░░ ░░░░ ░░░░░░ ░░░░ ░░ ░░░░░ ░░░░░░ ░░░ ░░░░ ░░░░░░ ░░░░░░░ ░░ ░░░░ ░░░░░ ░░░ ░░░░ ░░░░░░ ░░░ ░░░░░░ ░░░ ░░░░ ░░

░░░░ ░░ ░░░░░ ░░░░░░░ ░░░ ░░░░░░ ░░ ░░░░░ ░░░░░░ ░░░░ ░░░ ░░░░░░░░ ░░ ░░░░ ░░░░░░ ░░░ ░░░░░░ ░░░░ ░░░░░░░ ░░ ░░░░░ ░░░ ░░░░ ░░░░░░ ░░░░░ ░░░ ░░░░░░░ ░░ ░░░░ ░░░░░

░░░░░ ░░░ ░░░░ ░░░░░░░ ░░ ░░░░░ ░░░░░░ ░░░ ░░░░ ░░░░░░░░ ░░ ░░░░░░ ░░░ ░░░░░ ░░░░░░ ░░░ ░░░░ ░░░░░░ ░░░░░░░ ░░ ░░░░ ░░░░░ ░░░ ░░░░░░ ░░░ ░░░░░

░░░░ ░░░ ░░░░░░ ░░░ ░░░░ ░░ ░░░░░░ ░░░ ░░░░░ ░░░░ ░░ ░░░░░░░ ░░░ ░░░░░░░░ ░░░ ░░░░ ░░░░░░ ░░░░ ░░ ░░░░░ ░░░░░░ ░░░ ░░░░ ░░░░░░ ░░░░░░░ ░░ ░░░░

░░░ ░░░░ ░░░░░░ ░░░ ░░░░░░ ░░░ ░░░░ ░░ ░░░░░░ ░░░ ░░░░░ ░░░░ ░░ ░░░░░░░ ░░░ ░░░░░░░░ ░░░ ░░░░ ░░░░░░ ░░░░ ░░ ░░░░░ ░░░░░░ ░░░ ░░░░ ░░░░░░ ░░░░░░░

░░░░ ░░ ░░░░░ ░░░░░░░ ░░░ ░░░░░░ ░░ ░░░░░ ░░░░░░ ░░░░ ░░░ ░░░░░░░░ ░░ ░░░░ ░░░░░░ ░░░ ░░░░░░ ░░░░ ░░░░░░░ ░░ ░░░░░ ░░░ ░░░░ ░░░░░░ ░░░░░

░░░░░ ░░░ ░░░░ ░░░░░░░ ░░ ░░░░░ ░░░░░░ ░░░ ░░░░ ░░░░░░░░ ░░ ░░░░░░ ░░░ ░░░░░ ░░░░░░ ░░░ ░░░░ ░░░░░░ ░░░░░░░ ░░ ░░░░ ░░░░░ ░░░ ░░░░░░

░░░░ ░░░ ░░░░░░ ░░░ ░░░░ ░░ ░░░░░░ ░░░ ░░░░░ ░░░░ ░░ ░░░░░░░ ░░░ ░░░░░░░░ ░░░ ░░░░ ░░░░░░ ░░░░ ░░ ░░░░░ ░░░░░░ ░░░ ░░░░ ░░░░░░ ░░░░░░░

░░░ ░░░░ ░░░░░░ ░░░ ░░░░░░ ░░░ ░░░░ ░░ ░░░░░░ ░░░ ░░░░░ ░░░░ ░░ ░░░░░░░ ░░░ ░░░░░░░░ ░░░ ░░░░ ░░░░░░ ░░░░ ░░ ░░░░░ ░░░░░░ ░░░ ░░░░

░░░░ ░░ ░░░░░ ░░░░░░░ ░░░ ░░░░░░ ░░ ░░░░░ ░░░░░░ ░░░░ ░░░ ░░░░░░░░ ░░ ░░░░ ░░░░░░ ░░░ ░░░░░░ ░░░░ ░░░░░░░ ░░ ░░░░░ ░░░ ░░░░

░░░░░ ░░░ ░░░░ ░░░░░░░ ░░ ░░░░░ ░░░░░░ ░░░ ░░░░ ░░░░░░░░ ░░ ░░░░░░ ░░░ ░░░░░ ░░░░░░ ░░░ ░░░░ ░░░░░░ ░░░░░░░ ░░ ░░░░

░░░░ ░░░ ░░░░░░ ░░░ ░░░░ ░░ ░░░░░░ ░░░ ░░░░░ ░░░░ ░░ ░░░░░░░ ░░░ ░░░░░░░░ ░░░ ░░░░ ░░░░░░ ░░░░ ░░ ░░░░░ ░░░░░░

ΕΟΡΤΑΣΘΗ ΕΠΙΣΗΜΩΣ ΕΙΣ ΤΟ ΜΕΣΟΛΟΓΓΙ Η 136Η ΕΠΕΤΕΙΟΣ ΤΗΣ «ΕΞΟΔΟΥ»

░░░ ░░░░ ░░░░░░ ░░░ ░░░░░░ ░░░ ░░░░ ░░ ░░░░░░ ░░░ ░░░░░ ░░░░ ░░ ░░░░░░░ ░░░ ░░░░░░░░ ░░░ ░░░░ ░░░░░░ ░░░░ ░░ ░░░░░ ░░░░░░ ░░░ ░░░░ ░░░░░░ ░░░░░░░ ░░ ░░░░ ░░░░░ ░░░ ░░░░ ░░░░░░ ░░░ ░░░░░░ ░░░ ░░░░ ░░

Ο ΜΑΡΚΟΣ ΑΝΤΩΝΙΟΣ Ο ΜΕΞΙΚΑΝΟΣ ΔΕΝ ΕΠΑΝΕΡΧΕΤΑΙ ΕΝΟΙΚΙΟΝ ΤΟΥ!

░░░ ░░░░ ░░░░░░ ░░░ ░░░░░░ ░░░ ░░░░ ░░ ░░░░░░ ░░░ ░░░░░ ░░░░ ░░ ░░░░░░░ ░░░ ░░░░░░░░ ░░░ ░░░░ ░░░░░░ ░░░░ ░░ ░░░░░ ░░░░░░ ░░░ ░░░░ ░░░░░░ ░░░░░░░ ░░ ░░░░ ░░░░░ ░░░ ░░░░ ░░░░░░

Ο Κ. ΤΣΟΡΤΖΙΛ ΕΦΘΑΣΕΝ ΕΙΣ ΠΕΙΡΑΙΑ ΔΙΑ ΤΗΣ «ΧΡΙΣΤΙΝΑΣ»

░░░ ░░░░ ░░░░░░ ░░░ ░░░░░░ ░░░ ░░░░ ░░ ░░░░░░ ░░░ ░░░░░ ░░░░ ░░ ░░░░░░░ ░░░ ░░░░░░░░ ░░░ ░░░░ ░░░░░░ ░░░░ ░░ ░░░░░ ░░░░░░ ░░░ ░░░░ ░░░░░░ ░░░░░░░ ░░

Η ΡΩΣΙΑ ΕΠΙΜΟΝΩΣ ΖΗΤΕΙ Ν' ΑΓΟΡΑΣΗ ΕΛΑΣΤΙΚΟΝ ΚΟΜΜΙ

░░░ ░░░░ ░░░░░░ ░░░ ░░░░░░ ░░░ ░░░░ ░░ ░░░░░░ ░░░ ░░░░░ ░░░░ ░░ ░░░░░░░ ░░░ ░░░░░░░░ ░░░ ░░░░ ░░░░░░ ░░░░ ░░ ░░░░░ ░░░░░░ ░░░ ░░░░

Ο ΣΑΧΗΣ ΔΕΝ ΠΤΟΕΙΤΑΙ ΑΠΟ ΤΑΣ ΑΠΕΙΛΑΣ ΤΗΣ ΣΟΒ. ΡΩΣΙΑΣ

░░░ ░░░░ ░░░░░░ ░░░ ░░░░░░ ░░░ ░░░░ ░░ ░░░░░░ ░░░ ░░░░░ ░░░░ ░░ ░░░░░░░ ░░░ ░░░░░░░░ ░░░ ░░░░ ░░░░░░ ░░░░ ░░ ░░░░░ ░░░░░░ ░░░ ░░░░ ░░░░░░ ░░░░░░░

ΑΝΕΒΛΗΘΗ ΔΙΑ ΤΟ 1963 ΤΟ ΓΥΡΙΣΜΑ ΤΗΣ ΤΑΙΝΙΑΣ ΜΕ ΤΗΝ ΓΚΡΕΥΣ

░░░ ░░░░ ░░░░░░ ░░░ ░░░░░░ ░░░ ░░░░ ░░ ░░░░░░ ░░░ ░░░░░ ░░░░ ░░ ░░░░░░░ ░░░ ░░░░░░░░ ░░░ ░░░░ ░░░░░░ ░░░░ ░░ ░░░░░ ░░░░░░ ░░░ ░░░░ ░░░░░░ ░░░░░░░

ΘΑ ΣΒΗΣΗ ΤΗΝ ΠΥΡΚΑ·Ι·ΑΝ ΠΗΓΗΣ ΑΕΡΙΟΥ ΕΙΣ ΤΗΝ ΣΑΧΑΡΑΝ

░░░ ░░░░ ░░░░░░ ░░░ ░░░░░░ ░░░ ░░░░ ░░ ░░░░░░ ░░░ ░░░░░ ░░░░ ░░ ░░░░░░░ ░░░ ░░░░░░░░ ░░░ ░░░░ ░░░░░░ ░░░░ ░░ ░░░░░ ░░░░░░ ░░░ ░░░░

768 ΤΟΥΡΚΟΙ ΜΕΤΑΒΑΙΝΟΥΝ ΕΙΣ ΜΕΞΙΚΑΝ

░░░ ░░░░ ░░░░░░ ░░░ ░░░░░░ ░░░ ░░░░ ░░ ░░░░░░ ░░░ ░░░░░ ░░░░ ░░ ░░░░░░░ ░░░ ░░░░░░░░ ░░░ ░░░░ ░░░░░░ ░░░░

Ο Κ. ΜΑΝΕΝΤΗΣ ΕΙΣ ΚΟΖΑΝΗΝ

░░░ ░░░░ ░░░░░░ ░░░ ░░░░░░ ░░░ ░░░░ ░░ ░░░░░░ ░░░ ░░░░░ ░░░░ ░░ ░░░░░░░ ░░░ ░░░░░░░░ ░░░ ░░░░ ░░░░░░ ░░░░ ░░ ░░░░░

ΒΑΛΚΑΝΙΚΗ ΕΚΘΕΣΙΣ

░░░ ░░░░ ░░░░░░ ░░░ ░░░░░░ ░░░ ░░░░ ░░ ░░░░░░ ░░░ ░░░░░ ░░░░ ░░ ░░░░░░░ ░░░ ░░░░░░░░ ░░░ ░░░░ ░░░░░░ ░░░░ ░░ ░░░░░ ░░░░░░
